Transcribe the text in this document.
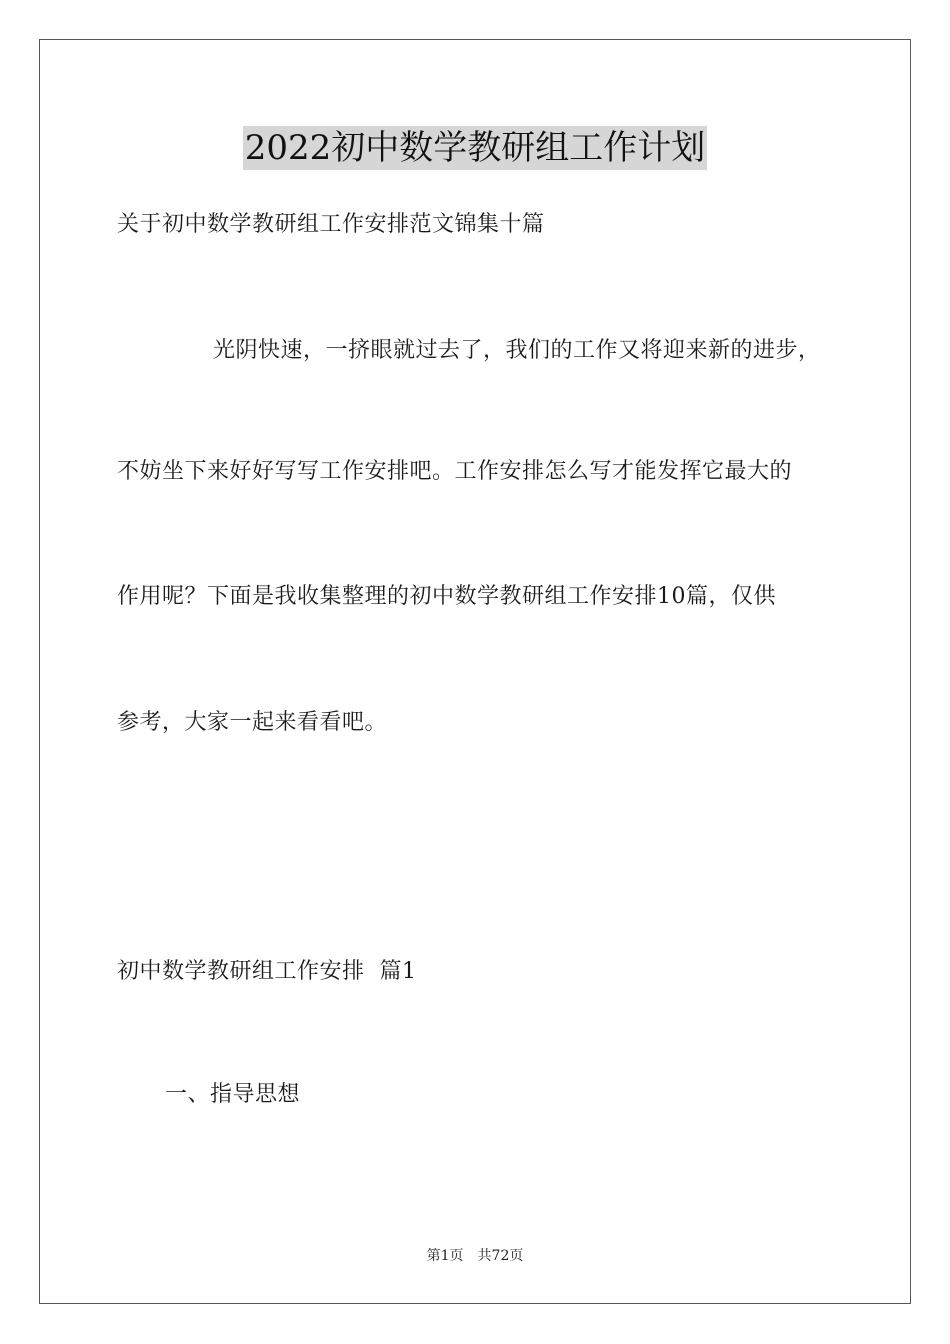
2022初中数学教研组工作计划
关于初中数学教研组工作安排范文锦集十篇
光阴快速，一挤眼就过去了，我们的工作又将迎来新的进步，
不妨坐下来好好写写工作安排吧。工作安排怎么写才能发挥它最大的
作用呢？下面是我收集整理的初中数学教研组工作安排10篇，仅供
参考，大家一起来看看吧。
初中数学教研组工作安排  篇1
一、指导思想
第1页 共72页
